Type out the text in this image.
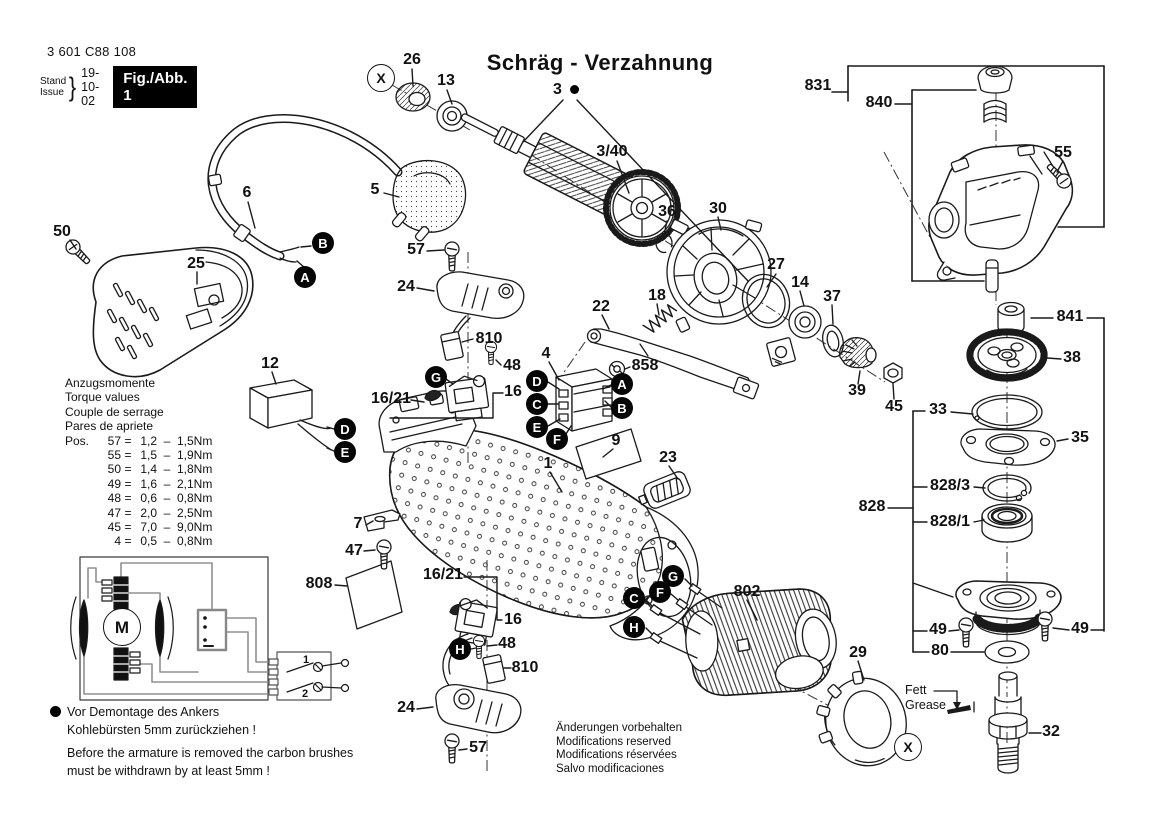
3 601 C88 108
Stand
Issue } 19-10-02
Fig./Abb. 1
Schräg - Verzahnung
Anzugsmomente
Torque values
Couple de serrage
Pares de apriete
Pos. 57 = 1,2 – 1,5Nm
55 = 1,5 – 1,9Nm
50 = 1,4 – 1,8Nm
49 = 1,6 – 2,1Nm
48 = 0,6 – 0,8Nm
47 = 2,0 – 2,5Nm
45 = 7,0 – 9,0Nm
4 = 0,5 – 0,8Nm
Vor Demontage des Ankers
Kohlebürsten 5mm zurückziehen !
Before the armature is removed the carbon brushes
must be withdrawn by at least 5mm !
Änderungen vorbehalten
Modifications reserved
Modifications réservées
Salvo modificaciones
Fett
Grease
50
25
6
26
13
5
3
3/40
57
24
810
48
16/21	16
36 30
27
14
37
22
18
858
4
39
45
9
23
1
12
7
47
808
16/21
16
48
810
24
57
802
29
32
831
840
55
841
38
33
35
828/3
828
828/1
49	49
80
B
A
G	D
C
E
F
A
B
D
E
H
G
F
C
H
X
X
M
1
2
